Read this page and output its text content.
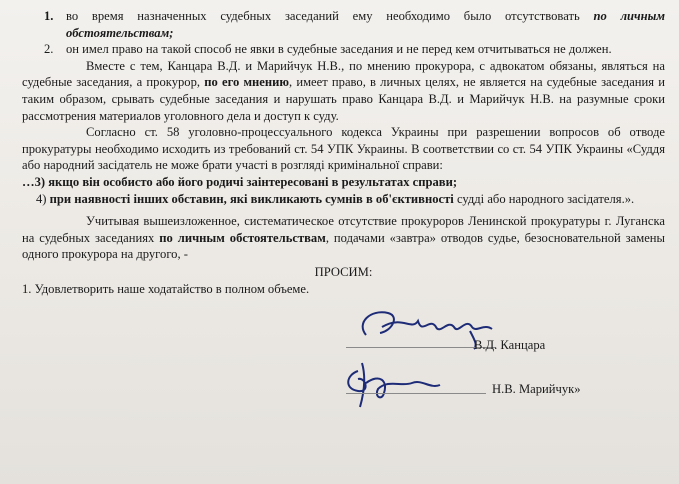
1. во время назначенных судебных заседаний ему необходимо было отсутствовать по личным обстоятельствам;
2. он имел право на такой способ не явки в судебные заседания и не перед кем отчитываться не должен.
Вместе с тем, Канцара В.Д. и Марийчук Н.В., по мнению прокурора, с адвокатом обязаны, являться на судебные заседания, а прокурор, по его мнению, имеет право, в личных целях, не является на судебные заседания и таким образом, срывать судебные заседания и нарушать право Канцара В.Д. и Марийчук Н.В. на разумные сроки рассмотрения материалов уголовного дела и доступ к суду.
Согласно ст. 58 уголовно-процессуального кодекса Украины при разрешении вопросов об отводе прокуратуры необходимо исходить из требований ст. 54 УПК Украины. В соответствии со ст. 54 УПК Украины «Суддя або народний засідатель не може брати участі в розгляді кримінальної справи:
…3) якщо він особисто або його родичі заінтересовані в результатах справи;
4) при наявності інших обставин, які викликають сумнів в об'єктивності судді або народного засідателя.».
Учитывая вышеизложенное, систематическое отсутствие прокуроров Ленинской прокуратуры г. Луганска на судебных заседаниях по личным обстоятельствам, подачами «завтра» отводов судье, безосновательной замены одного прокурора на другого, -
ПРОСИМ:
1. Удовлетворить наше ходатайство в полном объеме.
В.Д. Канцара
Н.В. Марийчук»
